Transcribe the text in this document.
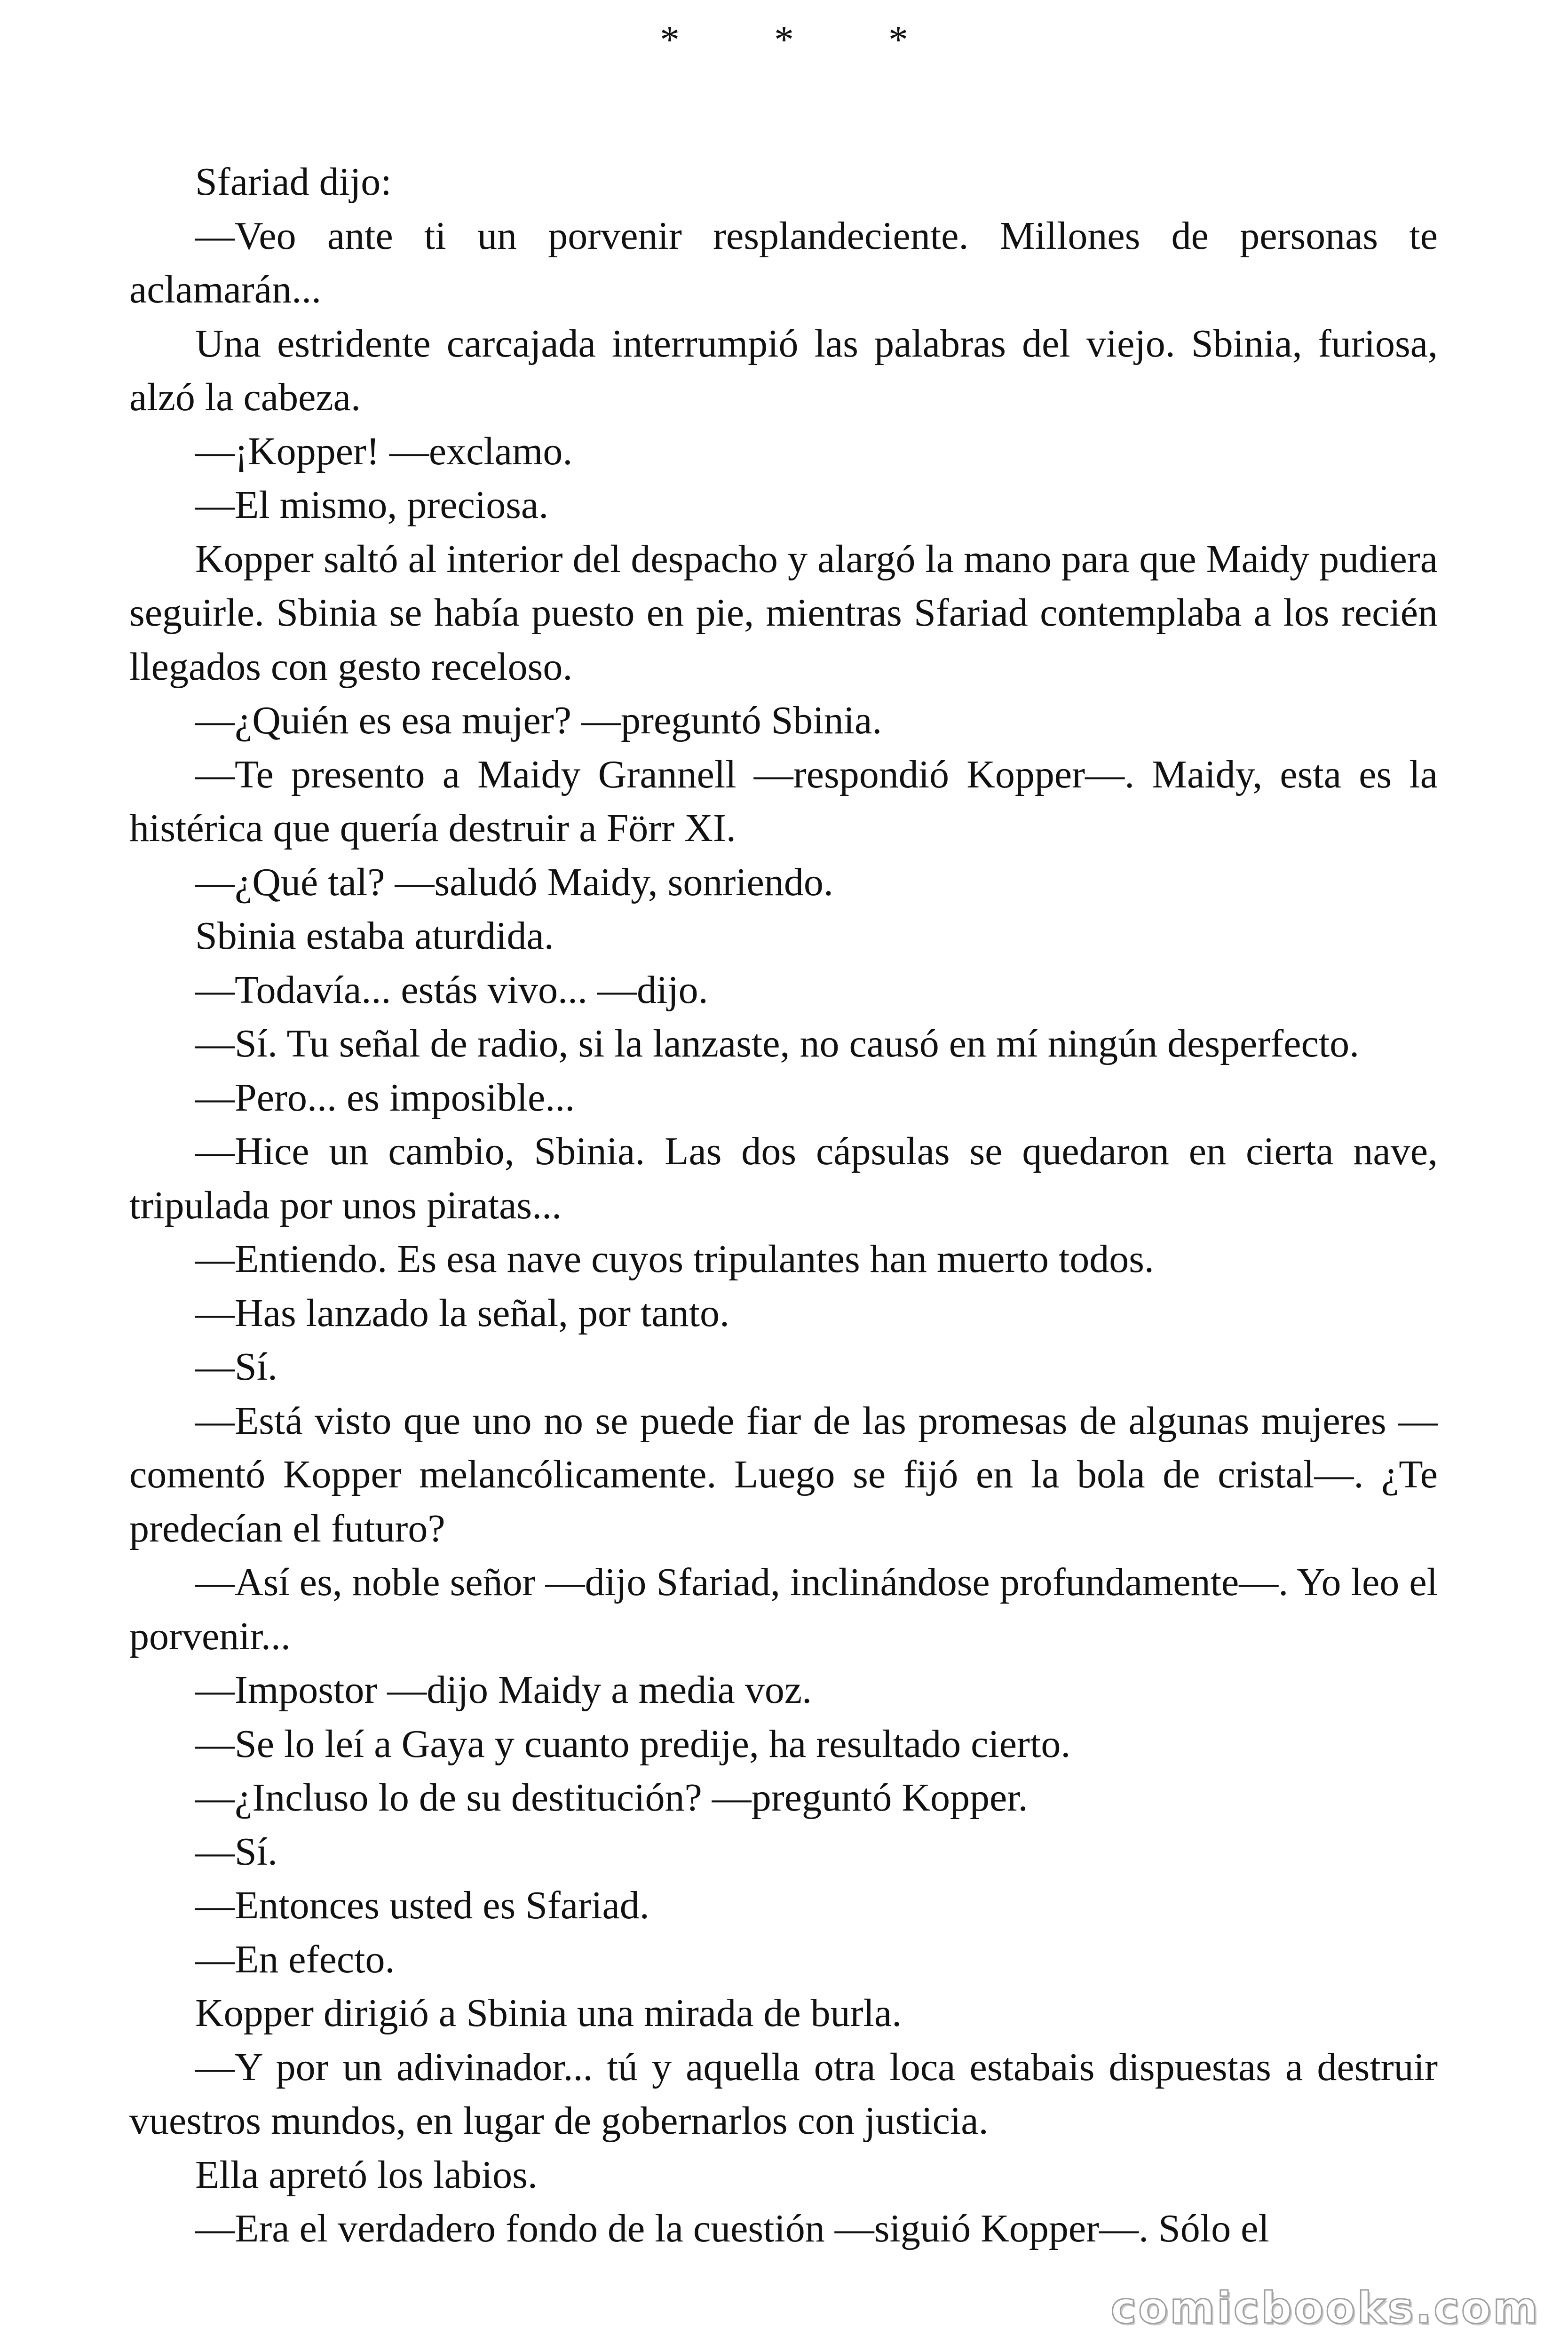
* * *

Sfariad dijo:

—Veo ante ti un porvenir resplandeciente. Millones de personas te aclamarán...

Una estridente carcajada interrumpió las palabras del viejo. Sbinia, furiosa, alzó la cabeza.

—¡Kopper! —exclamo.

—El mismo, preciosa.

Kopper saltó al interior del despacho y alargó la mano para que Maidy pudiera seguirle. Sbinia se había puesto en pie, mientras Sfariad contemplaba a los recién llegados con gesto receloso.

—¿Quién es esa mujer? —preguntó Sbinia.

—Te presento a Maidy Grannell —respondió Kopper—. Maidy, esta es la histérica que quería destruir a Förr XI.

—¿Qué tal? —saludó Maidy, sonriendo.

Sbinia estaba aturdida.

—Todavía... estás vivo... —dijo.

—Sí. Tu señal de radio, si la lanzaste, no causó en mí ningún desperfecto.

—Pero... es imposible...

—Hice un cambio, Sbinia. Las dos cápsulas se quedaron en cierta nave, tripulada por unos piratas...

—Entiendo. Es esa nave cuyos tripulantes han muerto todos.

—Has lanzado la señal, por tanto.

—Sí.

—Está visto que uno no se puede fiar de las promesas de algunas mujeres —comentó Kopper melancólicamente. Luego se fijó en la bola de cristal—. ¿Te predecían el futuro?

—Así es, noble señor —dijo Sfariad, inclinándose profundamente—. Yo leo el porvenir...

—Impostor —dijo Maidy a media voz.

—Se lo leí a Gaya y cuanto predije, ha resultado cierto.

—¿Incluso lo de su destitución? —preguntó Kopper.

—Sí.

—Entonces usted es Sfariad.

—En efecto.

Kopper dirigió a Sbinia una mirada de burla.

—Y por un adivinador... tú y aquella otra loca estabais dispuestas a destruir vuestros mundos, en lugar de gobernarlos con justicia.

Ella apretó los labios.

—Era el verdadero fondo de la cuestión —siguió Kopper—. Sólo el

comicbooks.com
